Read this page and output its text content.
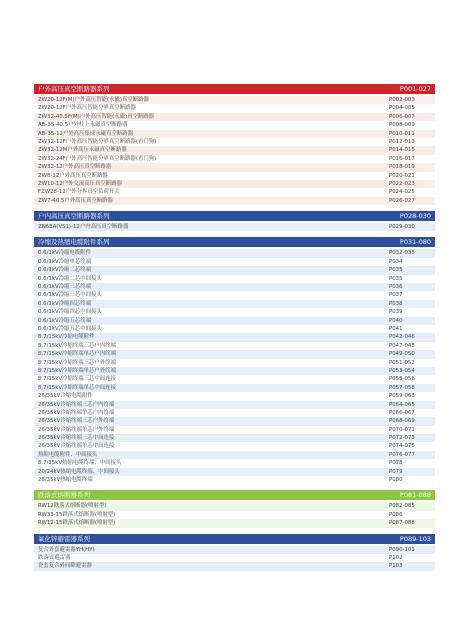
户外高压真空断路器系列	P001-027
ZW20-12F(M)户外高压智能(永磁)真空断路器	P002-003
ZW20-12F户外高压智能分界真空断路器	P004-005
ZW32-40.5F(M)户外高压智能(永磁)真空断路器	P006-007
AB-3S-40.5户外柱上永磁真空断路器	P008-009
AB-3S-12户外高压集成永磁真空断路器	P010-011
ZW32-12F户外高压智能分界真空断路器(看门狗)	P012-013
ZW32-12M户外高压永磁真空断路器	P014-015
ZW32-24F户外高压智能分界真空断路器(看门狗)	P016-017
ZW32-12户外高压真空断路器	P018-019
ZW8-12户外高压真空断路器	P020-021
ZW10-12户外交流高压真空断路器	P022-023
FZW28-12户外分界真空负荷开关	P024-025
ZW7-40.5户外高压真空断路器	P026-027
户内高压真空断路器系列	P028-030
ZN63A(VS1)-12户内高压真空断路器	P029-030
冷缩及热缩电缆附件系列	P031-080
0.6/1kV冷缩电缆附件	P032-033
0.6/1kV冷缩单芯终端	P034
0.6/1kV冷缩二芯终端	P035
0.6/1kV冷缩二芯中间接头	P035
0.6/1kV冷缩三芯终端	P036
0.6/1kV冷缩三芯中间接头	P037
0.6/1kV冷缩四芯终端	P038
0.6/1kV冷缩四芯中间接头	P039
0.6/1kV冷缩五芯终端	P040
0.6/1kV冷缩五芯中间接头	P041
8.7/15kV冷缩电缆附件	P042-046
8.7/15kV冷缩终端三芯户内终端	P047-048
8.7/15kV冷缩终端单芯户内终端	P049-050
8.7/15kV冷缩终端三芯户外终端	P051-052
8.7/15kV冷缩终端单芯户外终端	P053-054
8.7/15kV冷缩终端三芯中间连接	P055-056
8.7/15kV冷缩终端单芯中间连接	P057-058
26/35kV冷缩电缆附件	P059-063
26/35kV冷缩终端三芯户内终端	P064-065
26/35kV冷缩终端单芯户内终端	P066-067
26/35kV冷缩终端三芯户外终端	P068-069
26/35kV冷缩终端单芯户外终端	P070-071
26/35kV冷缩终端三芯中间连接	P072-073
26/35kV冷缩终端单芯中间连接	P074-075
热缩电缆附件、中间接头	P076-077
8.7/15kV热缩电缆终端、中间接头	P078
20/24kV热缩电缆终端、中间接头	P079
26/35kV热缩电缆终端	P080
跌落式熔断器系列	P081-088
RW12跌落式熔断器(喷射型)	P082-085
RW33-15跌落式熔断器(喷射型)	P086
RW12-15跌落式熔断器(喷射型)	P087-088
氧化锌避雷器系列	P089-103
复合外套避雷器YH(HY)	P090-101
跌落式避雷器	P102
瓷套复合外间隙避雷器	P103
